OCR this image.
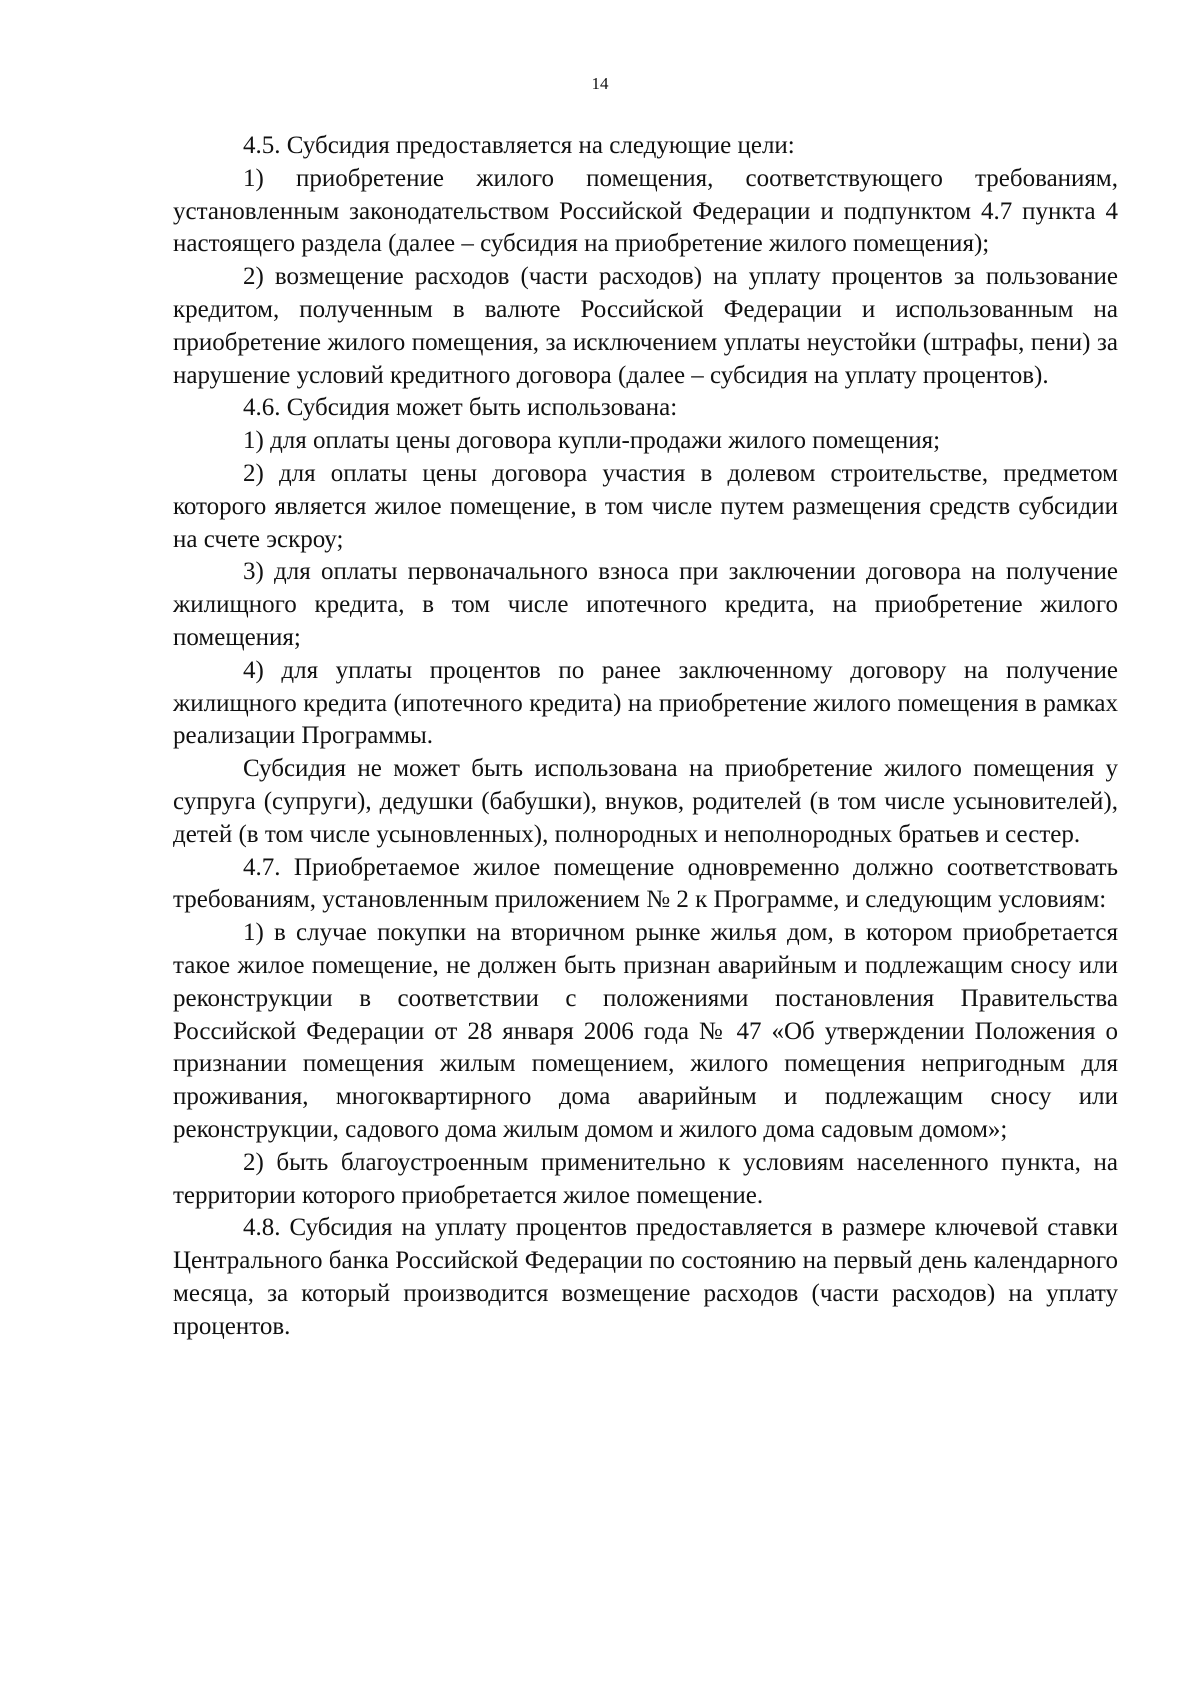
14

4.5. Субсидия предоставляется на следующие цели:

1) приобретение жилого помещения, соответствующего требованиям, установленным законодательством Российской Федерации и подпунктом 4.7 пункта 4 настоящего раздела (далее – субсидия на приобретение жилого помещения);

2) возмещение расходов (части расходов) на уплату процентов за пользование кредитом, полученным в валюте Российской Федерации и использованным на приобретение жилого помещения, за исключением уплаты неустойки (штрафы, пени) за нарушение условий кредитного договора (далее – субсидия на уплату процентов).

4.6. Субсидия может быть использована:

1) для оплаты цены договора купли-продажи жилого помещения;

2) для оплаты цены договора участия в долевом строительстве, предметом которого является жилое помещение, в том числе путем размещения средств субсидии на счете эскроу;

3) для оплаты первоначального взноса при заключении договора на получение жилищного кредита, в том числе ипотечного кредита, на приобретение жилого помещения;

4) для уплаты процентов по ранее заключенному договору на получение жилищного кредита (ипотечного кредита) на приобретение жилого помещения в рамках реализации Программы.

Субсидия не может быть использована на приобретение жилого помещения у супруга (супруги), дедушки (бабушки), внуков, родителей (в том числе усыновителей), детей (в том числе усыновленных), полнородных и неполнородных братьев и сестер.

4.7. Приобретаемое жилое помещение одновременно должно соответствовать требованиям, установленным приложением № 2 к Программе, и следующим условиям:

1) в случае покупки на вторичном рынке жилья дом, в котором приобретается такое жилое помещение, не должен быть признан аварийным и подлежащим сносу или реконструкции в соответствии с положениями постановления Правительства Российской Федерации от 28 января 2006 года № 47 «Об утверждении Положения о признании помещения жилым помещением, жилого помещения непригодным для проживания, многоквартирного дома аварийным и подлежащим сносу или реконструкции, садового дома жилым домом и жилого дома садовым домом»;

2) быть благоустроенным применительно к условиям населенного пункта, на территории которого приобретается жилое помещение.

4.8. Субсидия на уплату процентов предоставляется в размере ключевой ставки Центрального банка Российской Федерации по состоянию на первый день календарного месяца, за который производится возмещение расходов (части расходов) на уплату процентов.
